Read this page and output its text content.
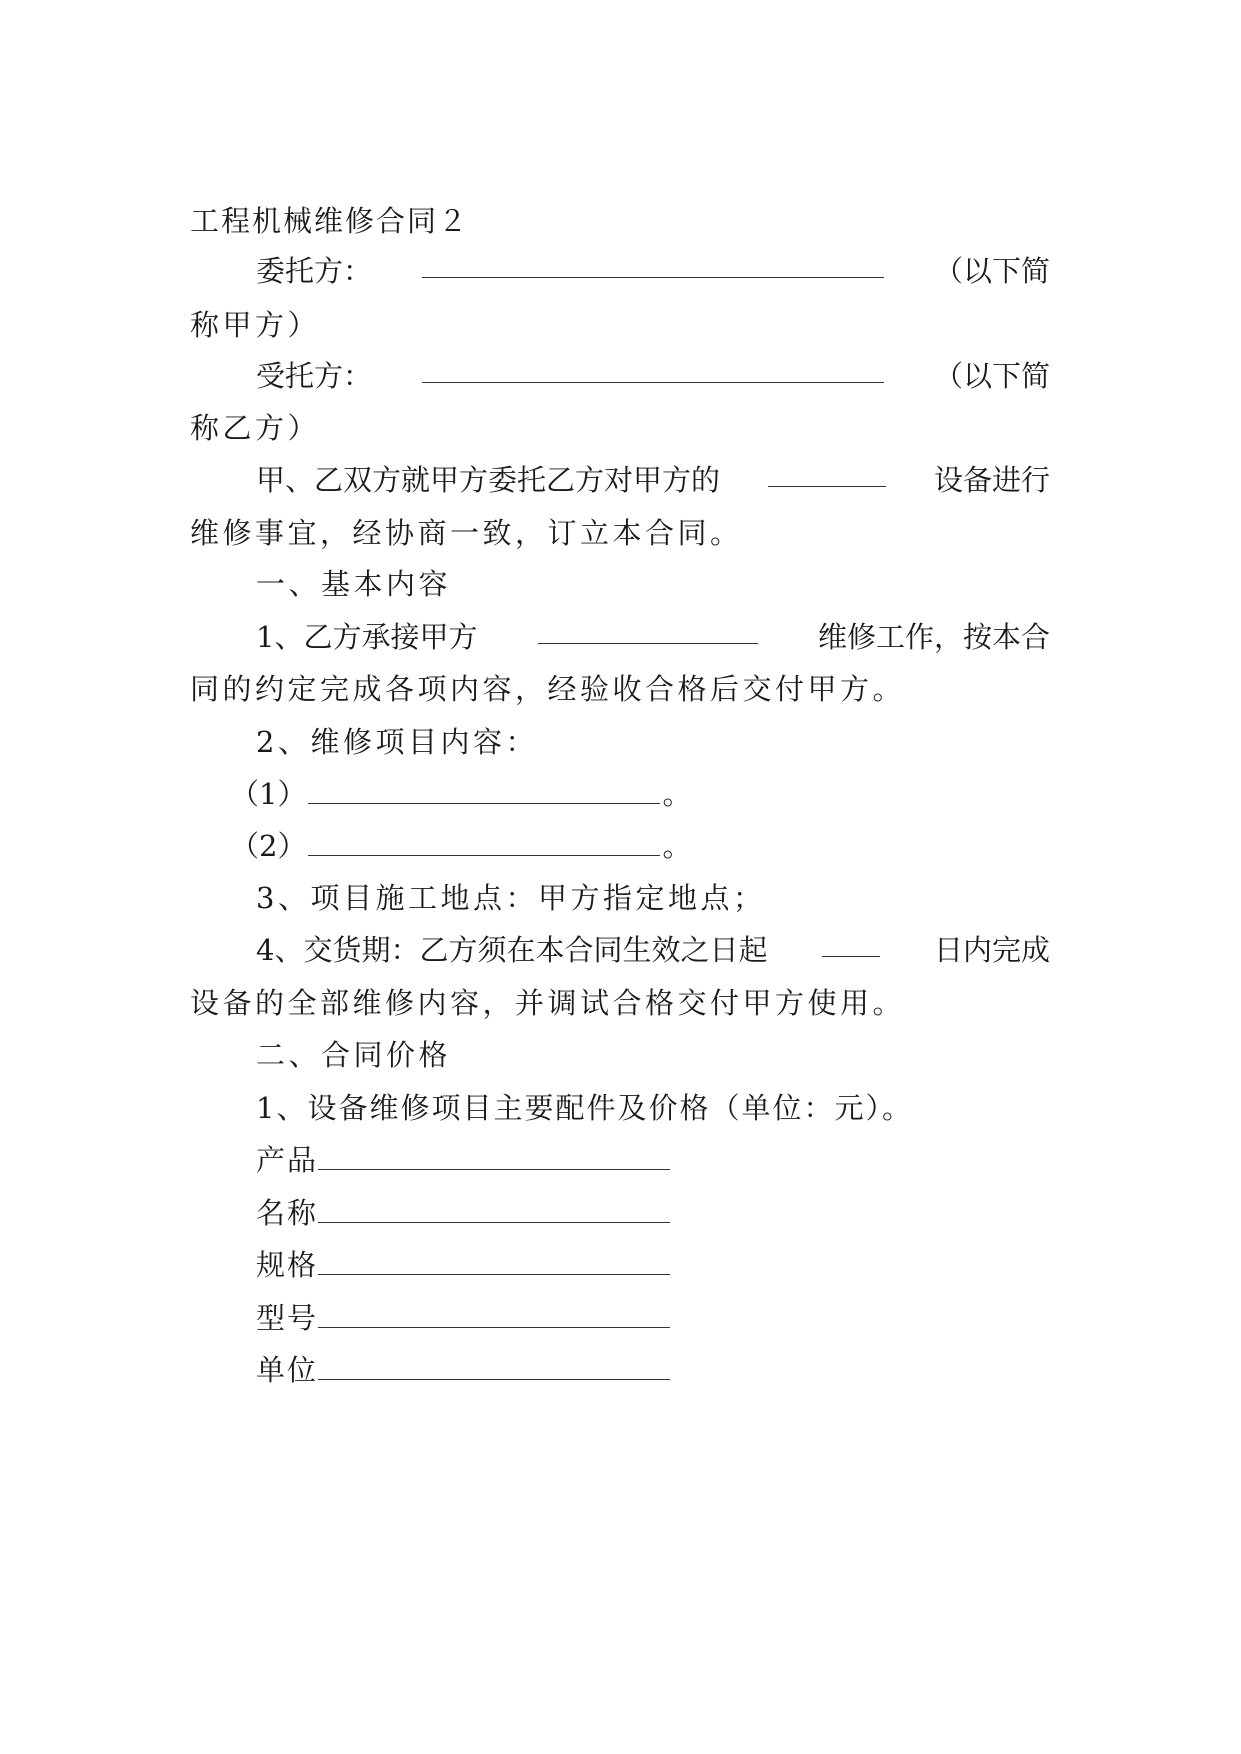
工程机械维修合同２
委托方：	（以下简
称甲方）
受托方：	（以下简
称乙方）
甲、乙双方就甲方委托乙方对甲方的	设备进行
维修事宜，经协商一致，订立本合同。
一、基本内容
1、乙方承接甲方	维修工作，按本合
同的约定完成各项内容，经验收合格后交付甲方。
2、维修项目内容：
（1）	。
（2）	。
3、项目施工地点：甲方指定地点；
4、交货期：乙方须在本合同生效之日起	日内完成
设备的全部维修内容，并调试合格交付甲方使用。
二、合同价格
1、设备维修项目主要配件及价格（单位：元）。
产品
名称
规格
型号
单位
